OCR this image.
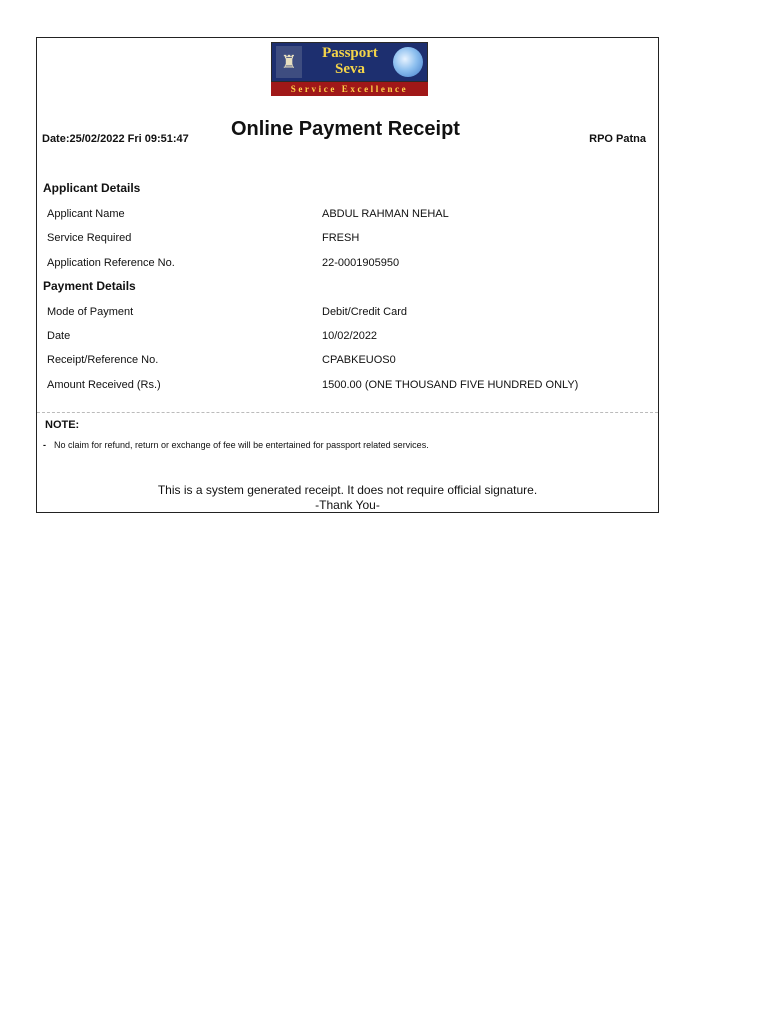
♜	Passport
Seva
Service Excellence
Date:25/02/2022 Fri 09:51:47 Online Payment Receipt	RPO Patna
Applicant Details
Applicant Name	ABDUL RAHMAN NEHAL
Service Required	FRESH
Application Reference No.	22-0001905950
Payment Details
Mode of Payment	Debit/Credit Card
Date	10/02/2022
Receipt/Reference No.	CPABKEUOS0
Amount Received (Rs.)	1500.00 (ONE THOUSAND FIVE HUNDRED ONLY)
NOTE:
- No claim for refund, return or exchange of fee will be entertained for passport related services.
This is a system generated receipt. It does not require official signature.
-Thank You-
